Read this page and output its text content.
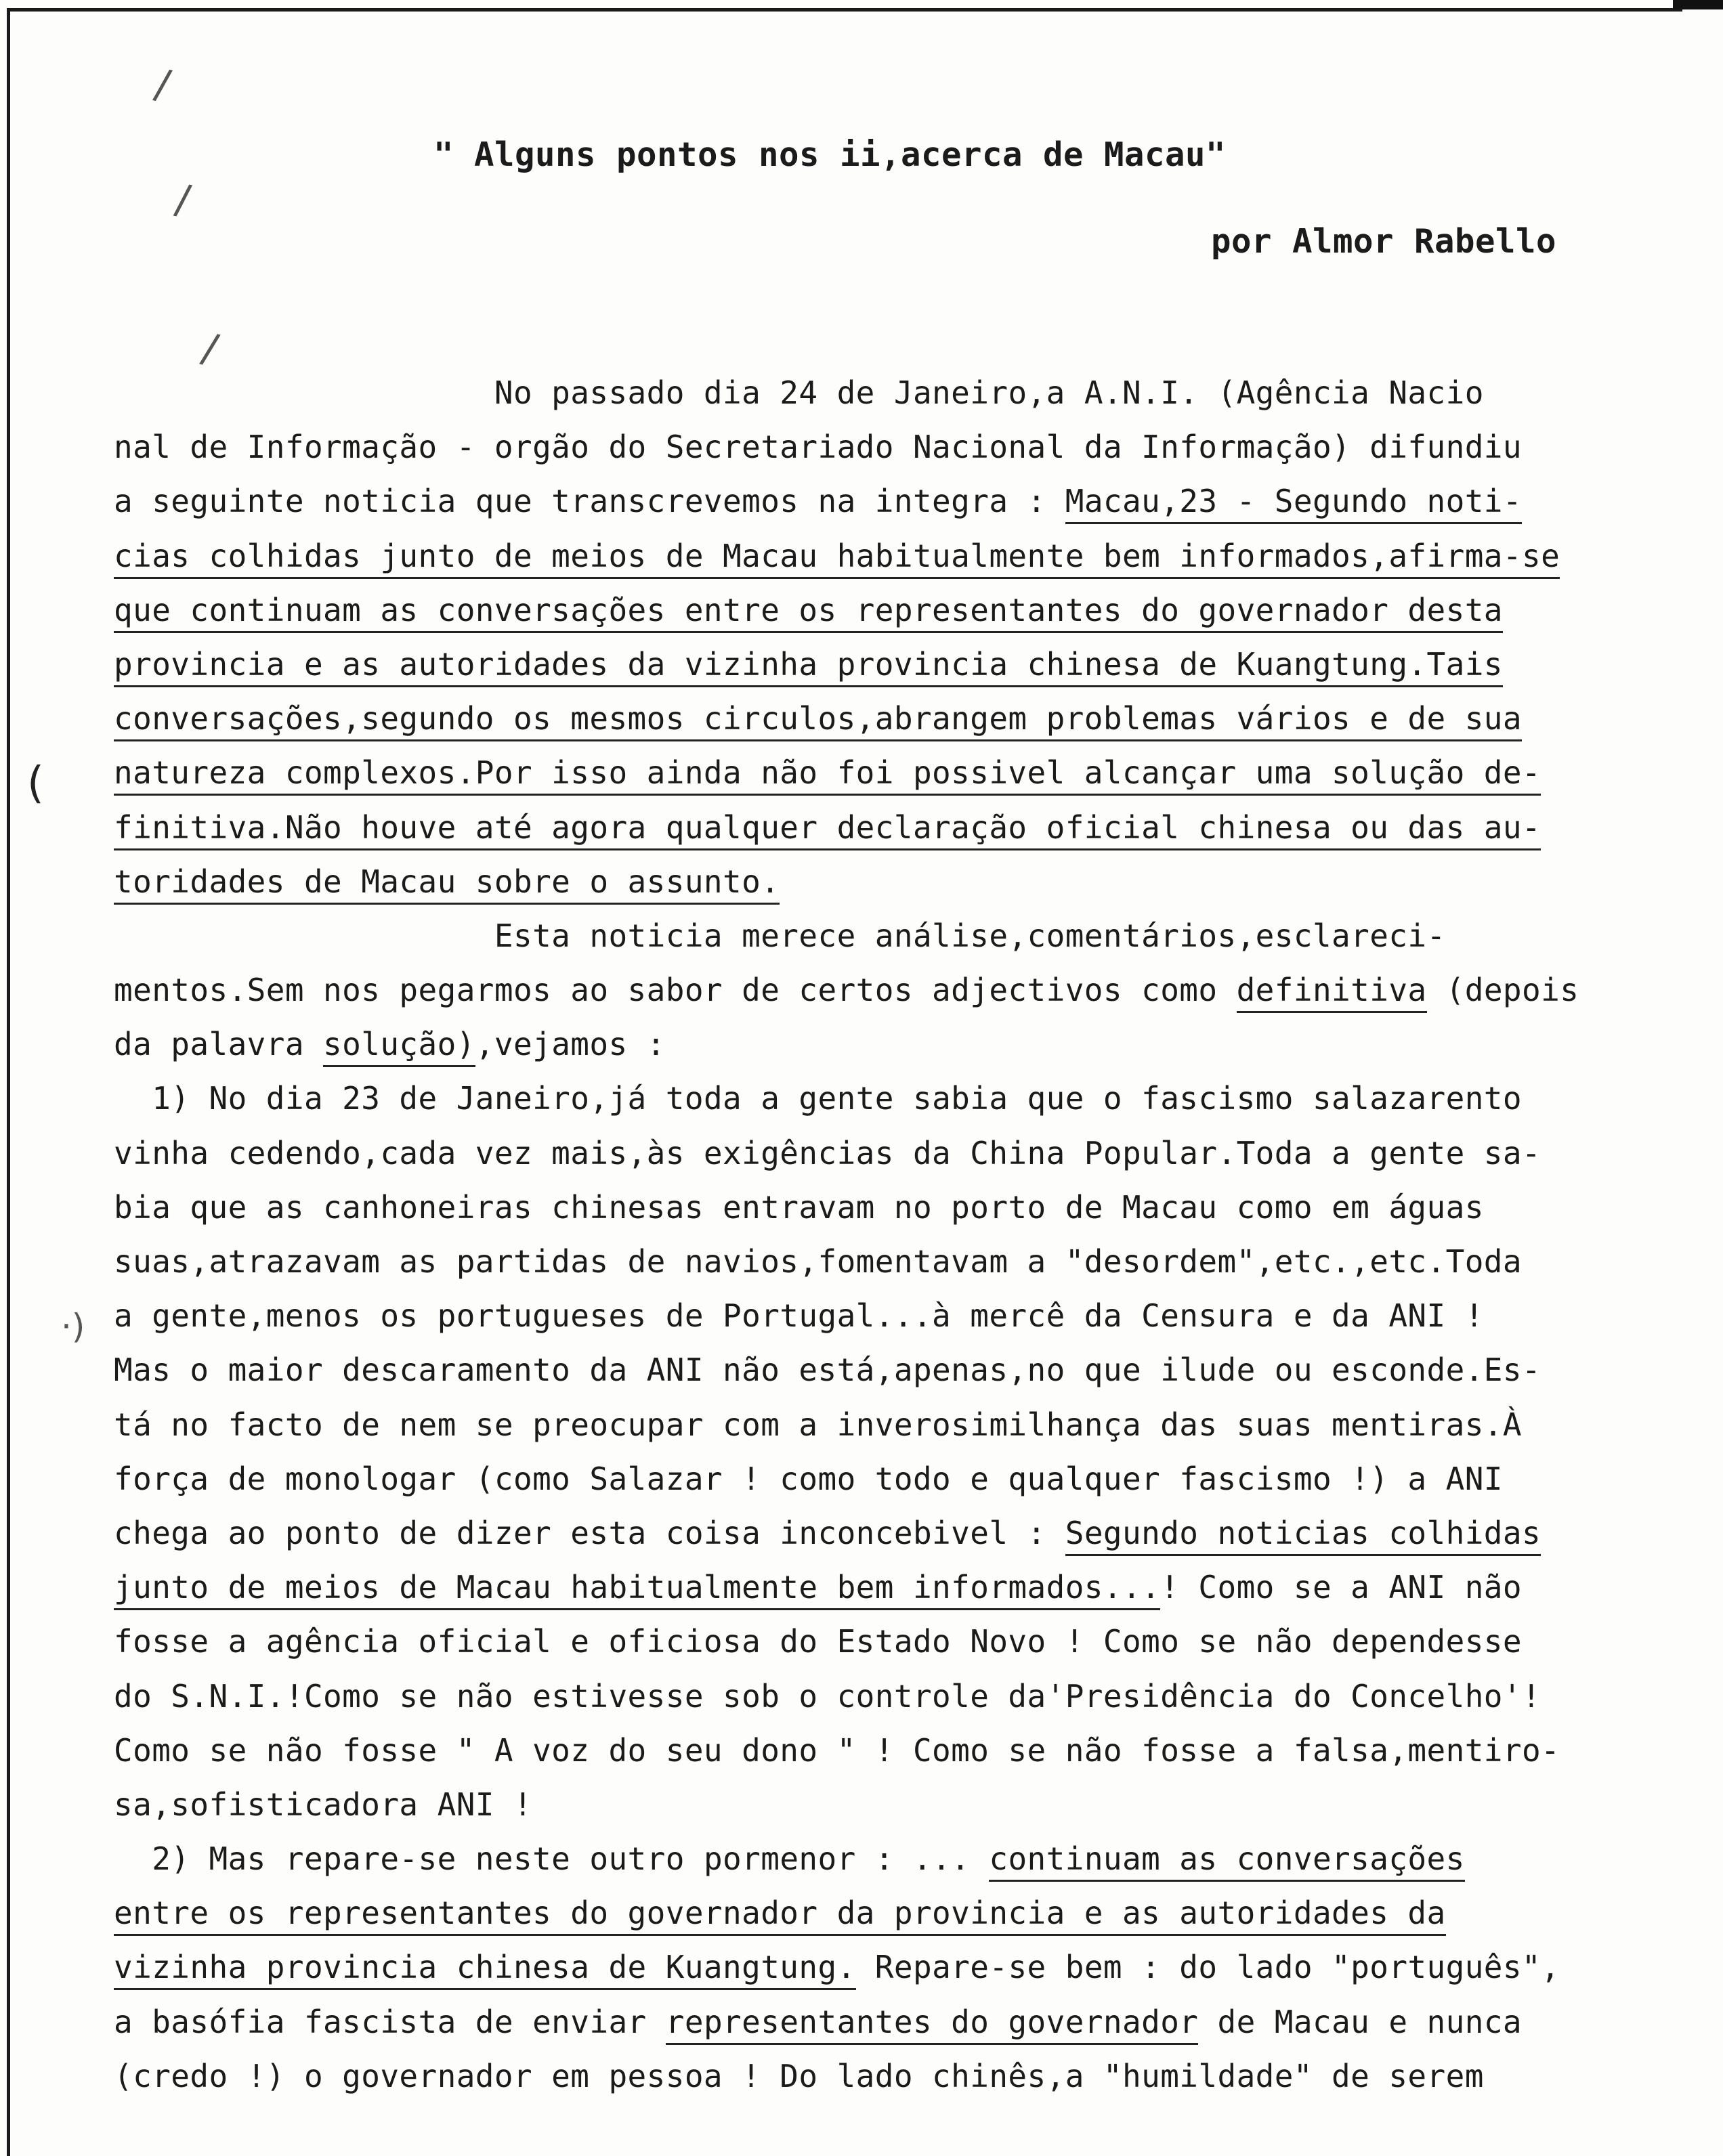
/
/
/
(
·)
" Alguns pontos nos ii,acerca de Macau"
por Almor Rabello
No passado dia 24 de Janeiro,a A.N.I. (Agência Nacio
nal de Informação - orgão do Secretariado Nacional da Informação) difundiu
a seguinte noticia que transcrevemos na integra : Macau,23 - Segundo noti-
cias colhidas junto de meios de Macau habitualmente bem informados,afirma-se
que continuam as conversações entre os representantes do governador desta
provincia e as autoridades da vizinha provincia chinesa de Kuangtung.Tais
conversações,segundo os mesmos circulos,abrangem problemas vários e de sua
natureza complexos.Por isso ainda não foi possivel alcançar uma solução de-
finitiva.Não houve até agora qualquer declaração oficial chinesa ou das au-
toridades de Macau sobre o assunto.
Esta noticia merece análise,comentários,esclareci-
mentos.Sem nos pegarmos ao sabor de certos adjectivos como definitiva (depois
da palavra solução),vejamos :
1) No dia 23 de Janeiro,já toda a gente sabia que o fascismo salazarento
vinha cedendo,cada vez mais,às exigências da China Popular.Toda a gente sa-
bia que as canhoneiras chinesas entravam no porto de Macau como em águas
suas,atrazavam as partidas de navios,fomentavam a "desordem",etc.,etc.Toda
a gente,menos os portugueses de Portugal...à mercê da Censura e da ANI !
Mas o maior descaramento da ANI não está,apenas,no que ilude ou esconde.Es-
tá no facto de nem se preocupar com a inverosimilhança das suas mentiras.À
força de monologar (como Salazar ! como todo e qualquer fascismo !) a ANI
chega ao ponto de dizer esta coisa inconcebivel : Segundo noticias colhidas
junto de meios de Macau habitualmente bem informados...! Como se a ANI não
fosse a agência oficial e oficiosa do Estado Novo ! Como se não dependesse
do S.N.I.!Como se não estivesse sob o controle da'Presidência do Concelho'!
Como se não fosse " A voz do seu dono " ! Como se não fosse a falsa,mentiro-
sa,sofisticadora ANI !
2) Mas repare-se neste outro pormenor : ... continuam as conversações
entre os representantes do governador da provincia e as autoridades da
vizinha provincia chinesa de Kuangtung. Repare-se bem : do lado "português",
a basófia fascista de enviar representantes do governador de Macau e nunca
(credo !) o governador em pessoa ! Do lado chinês,a "humildade" de serem
